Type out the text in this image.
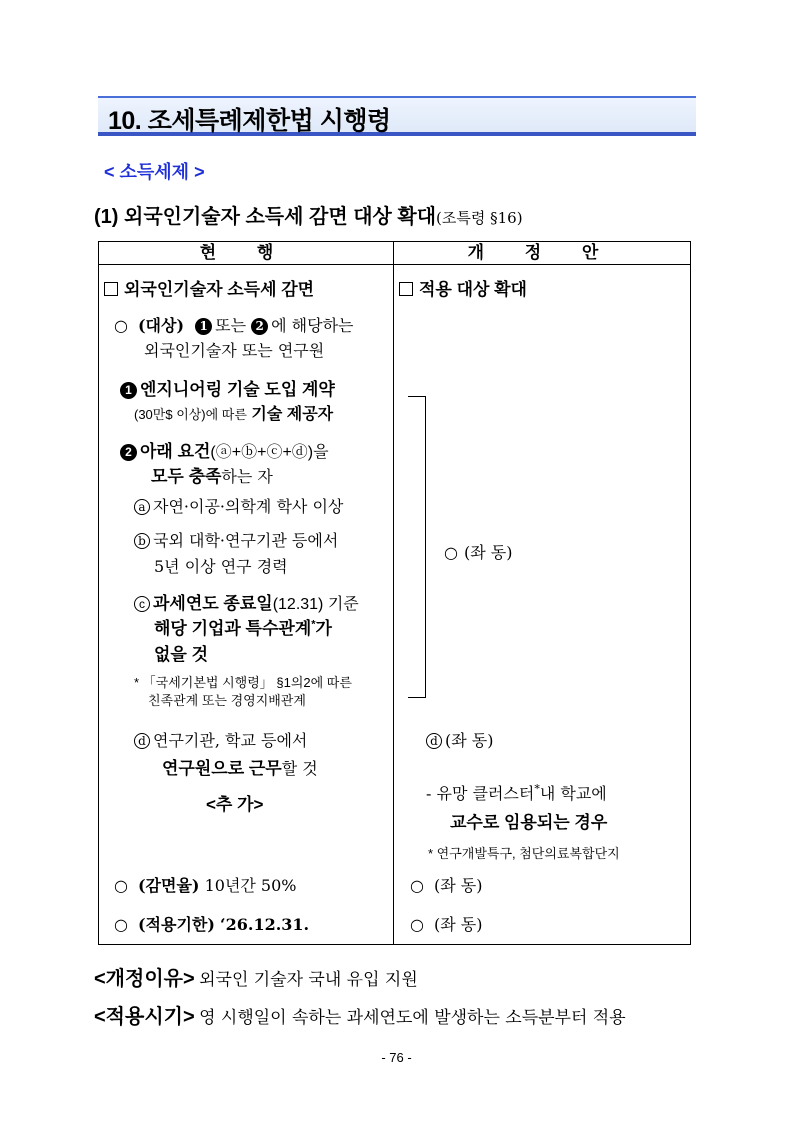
10. 조세특례제한법 시행령
< 소득세제 >
(1) 외국인기술자 소득세 감면 대상 확대(조특령 §16)
현 행	개 정 안
외국인기술자 소득세 감면
○ (대상) 1 또는 2 에 해당하는
외국인기술자 또는 연구원
1 엔지니어링 기술 도입 계약
(30만$ 이상)에 따른 기술 제공자
2 아래 요건(ⓐ+ⓑ+ⓒ+ⓓ)을
모두 충족하는 자
a 자연·이공·의학계 학사 이상
b 국외 대학·연구기관 등에서
5년 이상 연구 경력
c 과세연도 종료일(12.31) 기준
해당 기업과 특수관계*가
없을 것
* 「국세기본법 시행령」 §1의2에 따른
친족관계 또는 경영지배관계
d 연구기관, 학교 등에서
연구원으로 근무할 것
<추 가>
○ (감면율) 10년간 50%
○ (적용기한) ‘26.12.31.
적용 대상 확대
○ (좌 동)
d (좌 동)
- 유망 클러스터*내 학교에
교수로 임용되는 경우
* 연구개발특구, 첨단의료복합단지
○ (좌 동)
○ (좌 동)
<개정이유> 외국인 기술자 국내 유입 지원
<적용시기> 영 시행일이 속하는 과세연도에 발생하는 소득분부터 적용
- 76 -
